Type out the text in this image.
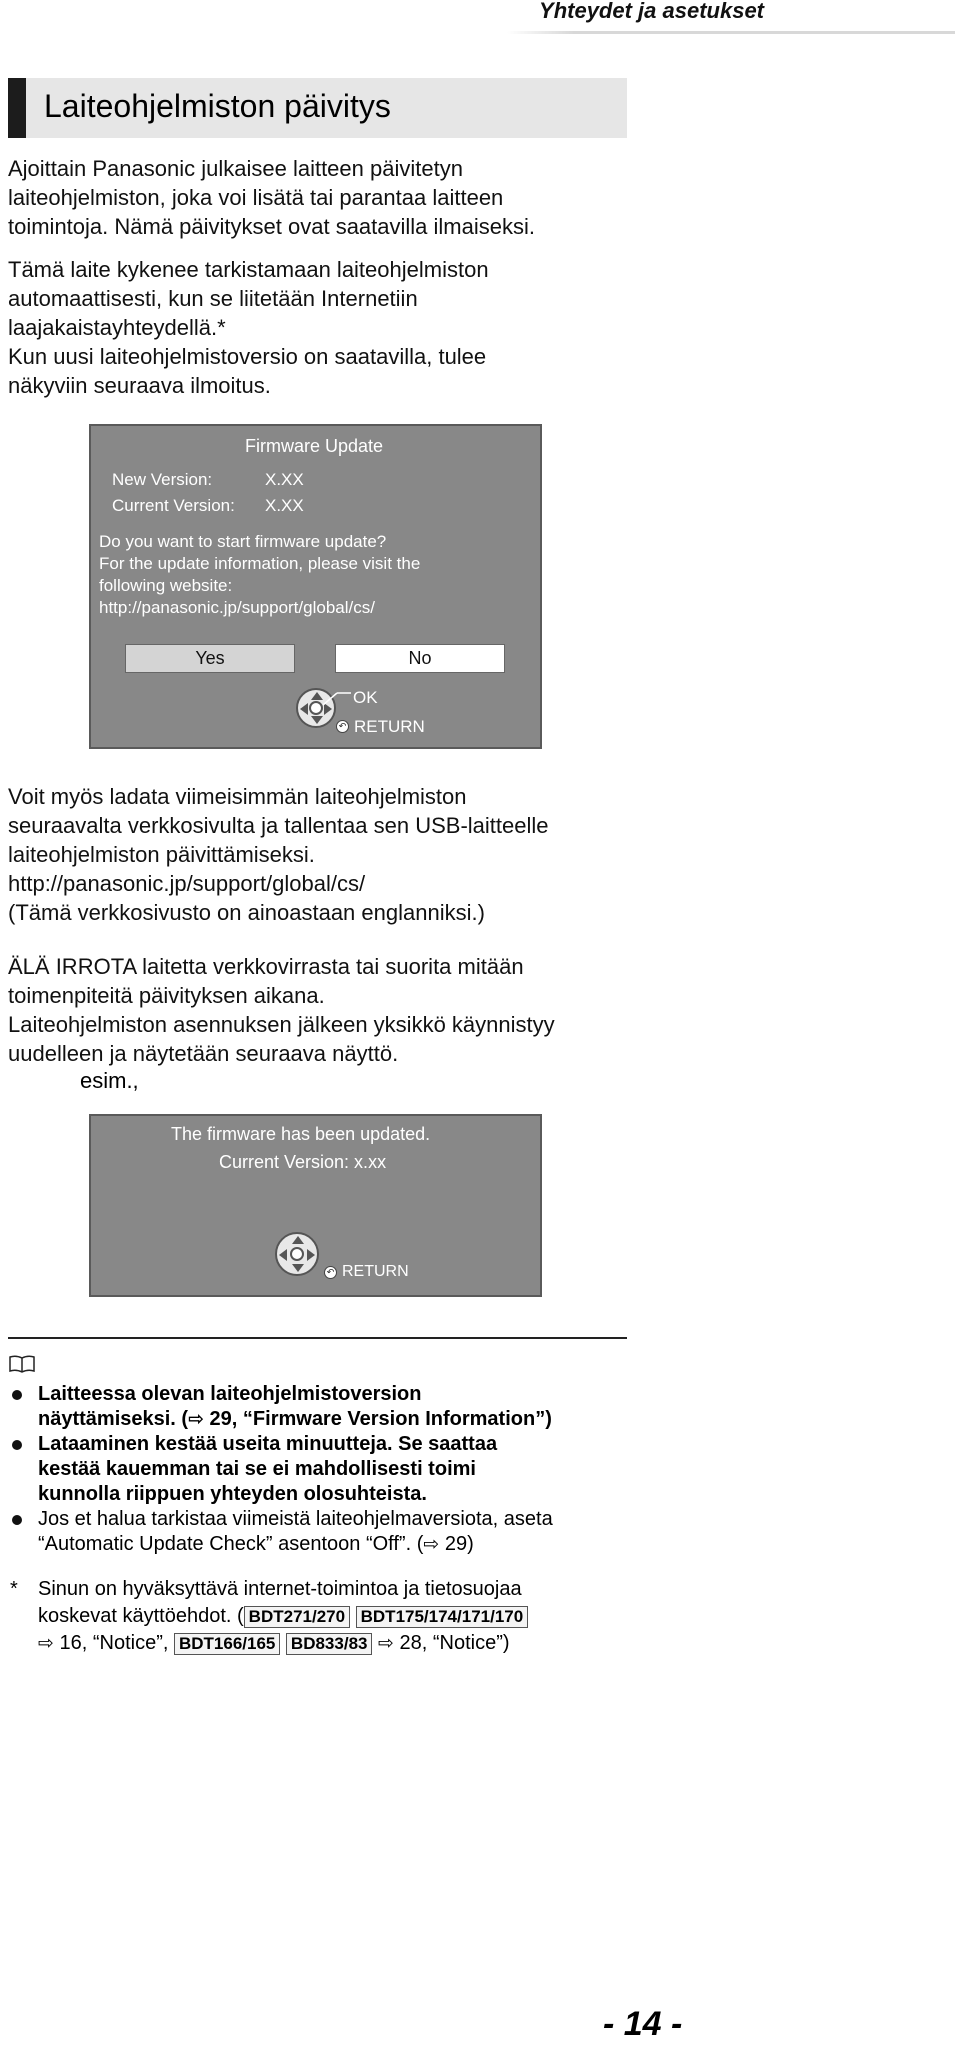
Yhteydet ja asetukset
Laiteohjelmiston päivitys

Ajoittain Panasonic julkaisee laitteen päivitetyn

laiteohjelmiston, joka voi lisätä tai parantaa laitteen

toimintoja. Nämä päivitykset ovat saatavilla ilmaiseksi.

Tämä laite kykenee tarkistamaan laiteohjelmiston

automaattisesti, kun se liitetään Internetiin

laajakaistayhteydellä.*

Kun uusi laiteohjelmistoversio on saatavilla, tulee

näkyviin seuraava ilmoitus.

Firmware Update
New Version:	X.XX
Current Version: X.XX
Do you want to start firmware update?
For the update information, please visit the
following website:
http://panasonic.jp/support/global/cs/
Yes	No
OK
↶ RETURN

Voit myös ladata viimeisimmän laiteohjelmiston

seuraavalta verkkosivulta ja tallentaa sen USB-laitteelle

laiteohjelmiston päivittämiseksi.

http://panasonic.jp/support/global/cs/

(Tämä verkkosivusto on ainoastaan englanniksi.)

ÄLÄ IRROTA laitetta verkkovirrasta tai suorita mitään

toimenpiteitä päivityksen aikana.

Laiteohjelmiston asennuksen jälkeen yksikkö käynnistyy

uudelleen ja näytetään seuraava näyttö.

esim.,
The firmware has been updated.
Current Version: x.xx
↶ RETURN
Laitteessa olevan laiteohjelmistoversion
näyttämiseksi. (⇨ 29, “Firmware Version Information”)
Lataaminen kestää useita minuutteja. Se saattaa
kestää kauemman tai se ei mahdollisesti toimi
kunnolla riippuen yhteyden olosuhteista.
Jos et halua tarkistaa viimeistä laiteohjelmaversiota, aseta
“Automatic Update Check” asentoon “Off”. (⇨ 29)
* Sinun on hyväksyttävä internet-toimintoa ja tietosuojaa
koskevat käyttöehdot. ( BDT271/270 BDT175/174/171/170
⇨ 16, “Notice”, BDT166/165 BD833/83 ⇨ 28, “Notice”)
- 14 -
